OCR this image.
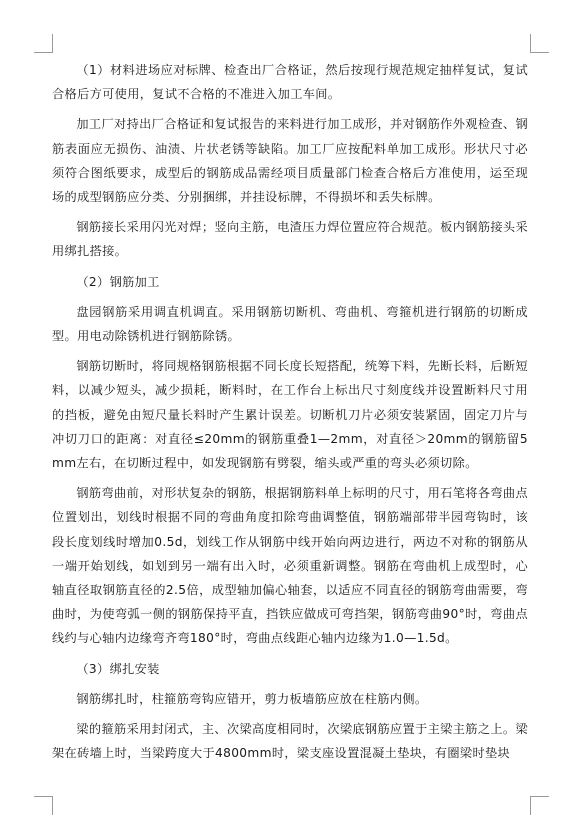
（1）材料进场应对标牌、检查出厂合格证，然后按现行规范规定抽样复试，复试合格后方可使用，复试不合格的不准进入加工车间。

加工厂对持出厂合格证和复试报告的来料进行加工成形，并对钢筋作外观检查、钢筋表面应无损伤、油渍、片状老锈等缺陷。加工厂应按配料单加工成形。形状尺寸必须符合图纸要求，成型后的钢筋成品需经项目质量部门检查合格后方准使用，运至现场的成型钢筋应分类、分别捆绑，并挂设标牌，不得损坏和丢失标牌。

钢筋接长采用闪光对焊；竖向主筋，电渣压力焊位置应符合规范。板内钢筋接头采用绑扎搭接。

（2）钢筋加工

盘园钢筋采用调直机调直。采用钢筋切断机、弯曲机、弯箍机进行钢筋的切断成型。用电动除锈机进行钢筋除锈。

钢筋切断时，将同规格钢筋根据不同长度长短搭配，统筹下料，先断长料，后断短料，以减少短头，减少损耗，断料时，在工作台上标出尺寸刻度线并设置断料尺寸用的挡板，避免由短尺量长料时产生累计误差。切断机刀片必须安装紧固，固定刀片与冲切刀口的距离：对直径≤20mm的钢筋重叠1—2mm，对直径＞20mm的钢筋留5mm左右，在切断过程中，如发现钢筋有劈裂，缩头或严重的弯头必须切除。

钢筋弯曲前，对形状复杂的钢筋，根据钢筋料单上标明的尺寸，用石笔将各弯曲点位置划出，划线时根据不同的弯曲角度扣除弯曲调整值，钢筋端部带半园弯钩时，该段长度划线时增加0.5d，划线工作从钢筋中线开始向两边进行，两边不对称的钢筋从一端开始划线，如划到另一端有出入时，必须重新调整。钢筋在弯曲机上成型时，心轴直径取钢筋直径的2.5倍，成型轴加偏心轴套，以适应不同直径的钢筋弯曲需要，弯曲时，为使弯弧一侧的钢筋保持平直，挡铁应做成可弯挡架，钢筋弯曲90°时，弯曲点线约与心轴内边缘弯齐弯180°时，弯曲点线距心轴内边缘为1.0—1.5d。

（3）绑扎安装

钢筋绑扎时，柱箍筋弯钩应错开，剪力板墙筋应放在柱筋内侧。

梁的箍筋采用封闭式，主、次梁高度相同时，次梁底钢筋应置于主梁主筋之上。梁架在砖墙上时，当梁跨度大于4800mm时，梁支座设置混凝土垫块，有圈梁时垫块
